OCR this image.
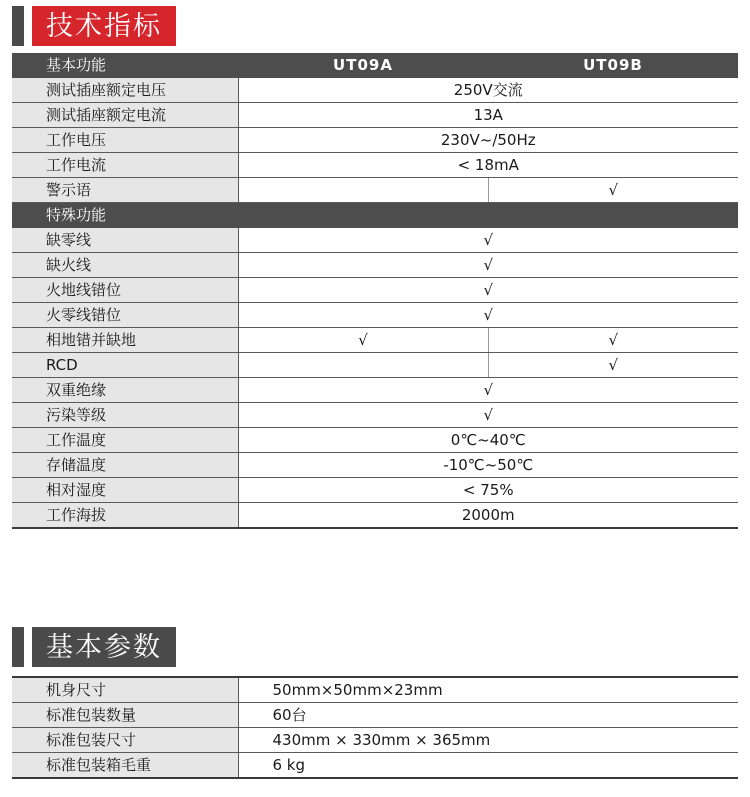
技术指标
基本功能	UT09A	UT09B
测试插座额定电压	250V交流	
测试插座额定电流	13A	
工作电压	230V~/50Hz	
工作电流	< 18mA	
警示语		√
特殊功能		
缺零线	√	
缺火线	√	
火地线错位	√	
火零线错位	√	
相地错并缺地	√	√
RCD		√
双重绝缘	√	
污染等级	√	
工作温度	0℃~40℃	
存储温度	-10℃~50℃	
相对湿度	< 75%	
工作海拔	2000m	
基本参数
机身尺寸	50mm×50mm×23mm
标准包装数量	60台
标准包装尺寸	430mm × 330mm × 365mm
标准包装箱毛重	6 kg
